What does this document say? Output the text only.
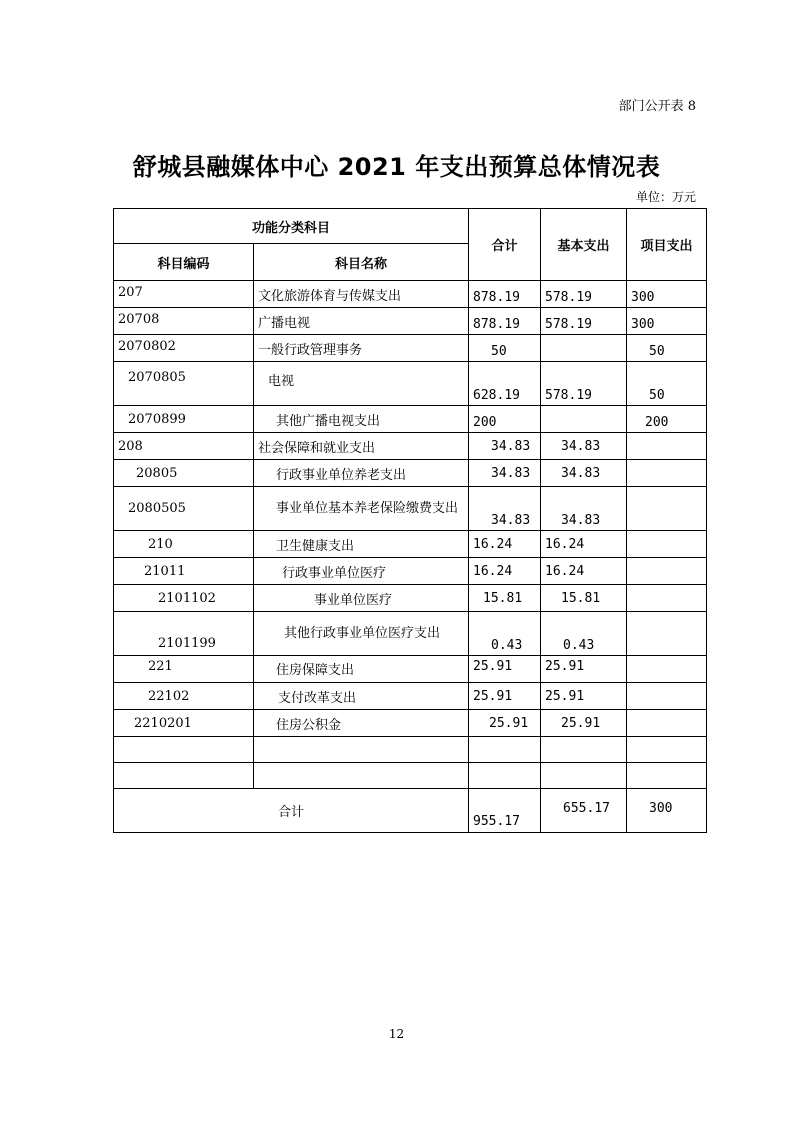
部门公开表 8
舒城县融媒体中心 2021 年支出预算总体情况表
单位：万元
功能分类科目		合计	基本支出	项目支出
科目编码	科目名称			
207	文化旅游体育与传媒支出	878.19	578.19	300
20708	广播电视	878.19	578.19	300
2070802	一般行政管理事务	50		50
2070805	电视	628.19	578.19	50
2070899	其他广播电视支出	200		200
208	社会保障和就业支出	34.83	34.83	
20805	行政事业单位养老支出	34.83	34.83	
2080505	事业单位基本养老保险缴费支出	34.83	34.83	
210	卫生健康支出	16.24	16.24	
21011	行政事业单位医疗	16.24	16.24	
2101102	事业单位医疗	15.81	15.81	
2101199	其他行政事业单位医疗支出	0.43	0.43	
221	住房保障支出	25.91	25.91	
22102	支付改革支出	25.91	25.91	
2210201	住房公积金	25.91	25.91	

合计		955.17	655.17	300
12
